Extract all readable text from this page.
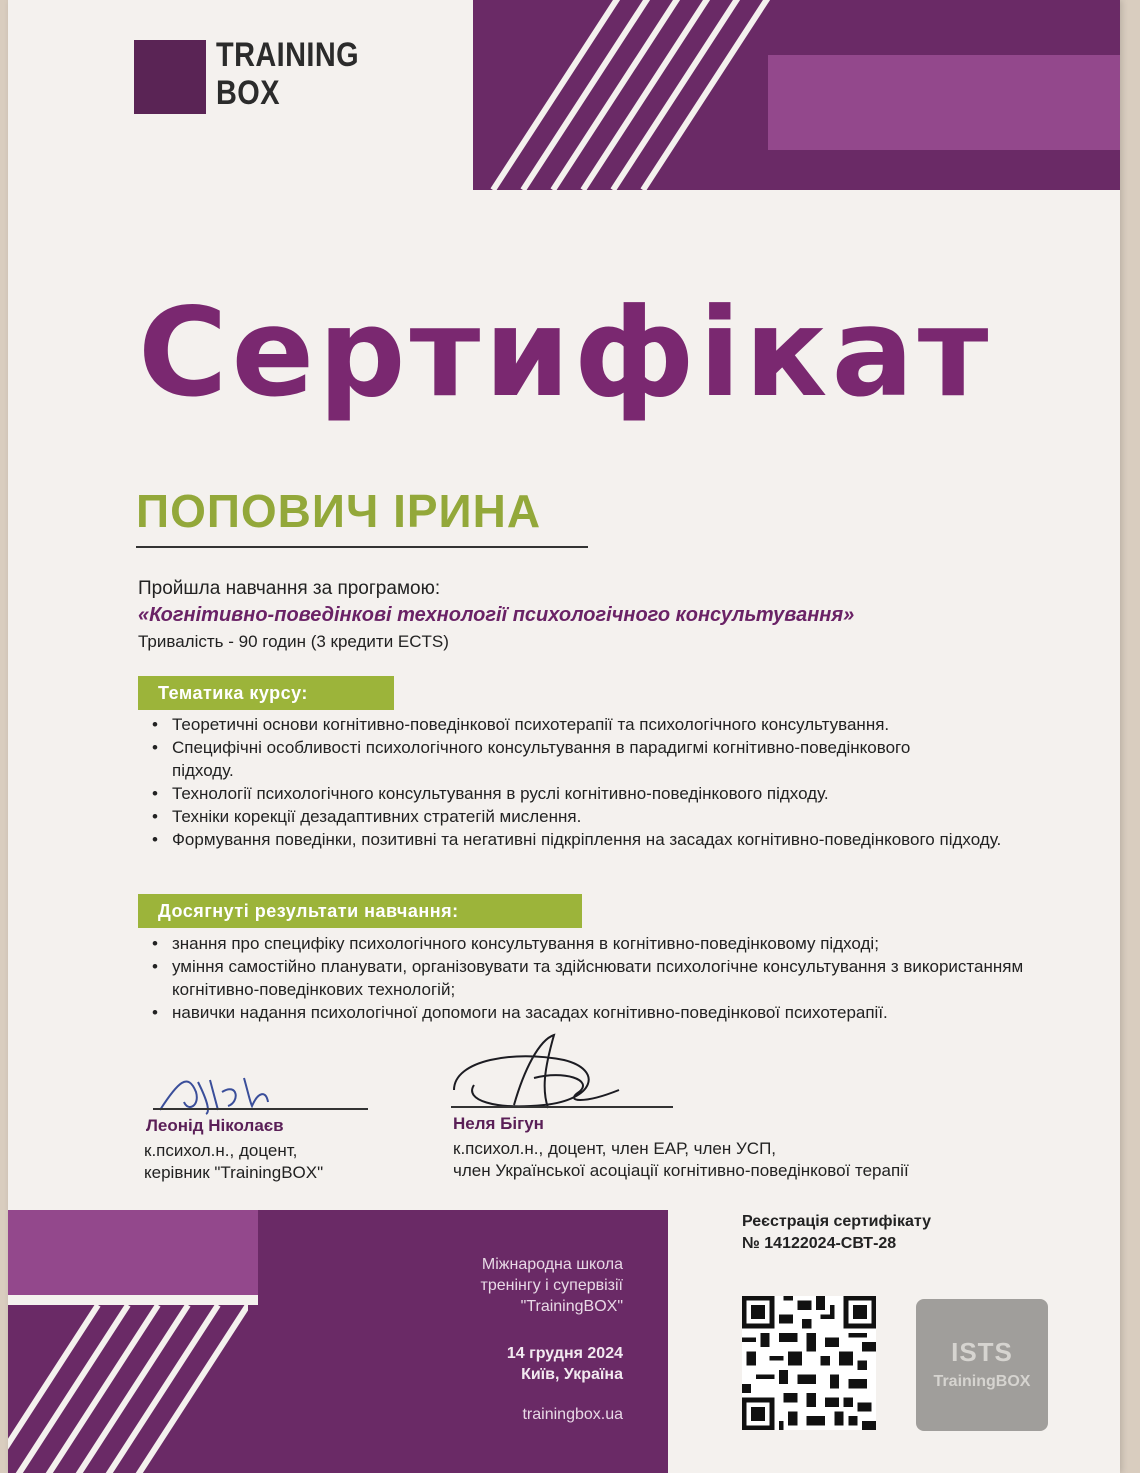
TRAINING
BOX
Сертифікат
ПОПОВИЧ ІРИНА
Пройшла навчання за програмою:
«Когнітивно-поведінкові технології психологічного консультування»
Тривалість - 90 годин (3 кредити ECTS)
Тематика курсу:
• Теоретичні основи когнітивно-поведінкової психотерапії та психологічного консультування.
• Специфічні особливості психологічного консультування в парадигмі когнітивно-поведінкового підходу.
• Технології психологічного консультування в руслі когнітивно-поведінкового підходу.
• Техніки корекції дезадаптивних стратегій мислення.
• Формування поведінки, позитивні та негативні підкріплення на засадах когнітивно-поведінкового підходу.
Досягнуті результати навчання:
• знання про специфіку психологічного консультування в когнітивно-поведінковому підході;
• уміння самостійно планувати, організовувати та здійснювати психологічне консультування з використанням когнітивно-поведінкових технологій;
• навички надання психологічної допомоги на засадах когнітивно-поведінкової психотерапії.
Леонід Ніколаєв
к.психол.н., доцент,
керівник "TrainingBOX"
Неля Бігун
к.психол.н., доцент, член ЕАР, член УСП,
член Української асоціації когнітивно-поведінкової терапії
Міжнародна школа
тренінгу і супервізії
"TrainingBOX"
14 грудня 2024
Київ, Україна
trainingbox.ua
Реєстрація сертифікату
№ 14122024-СВТ-28
ISTS
TrainingBOX
